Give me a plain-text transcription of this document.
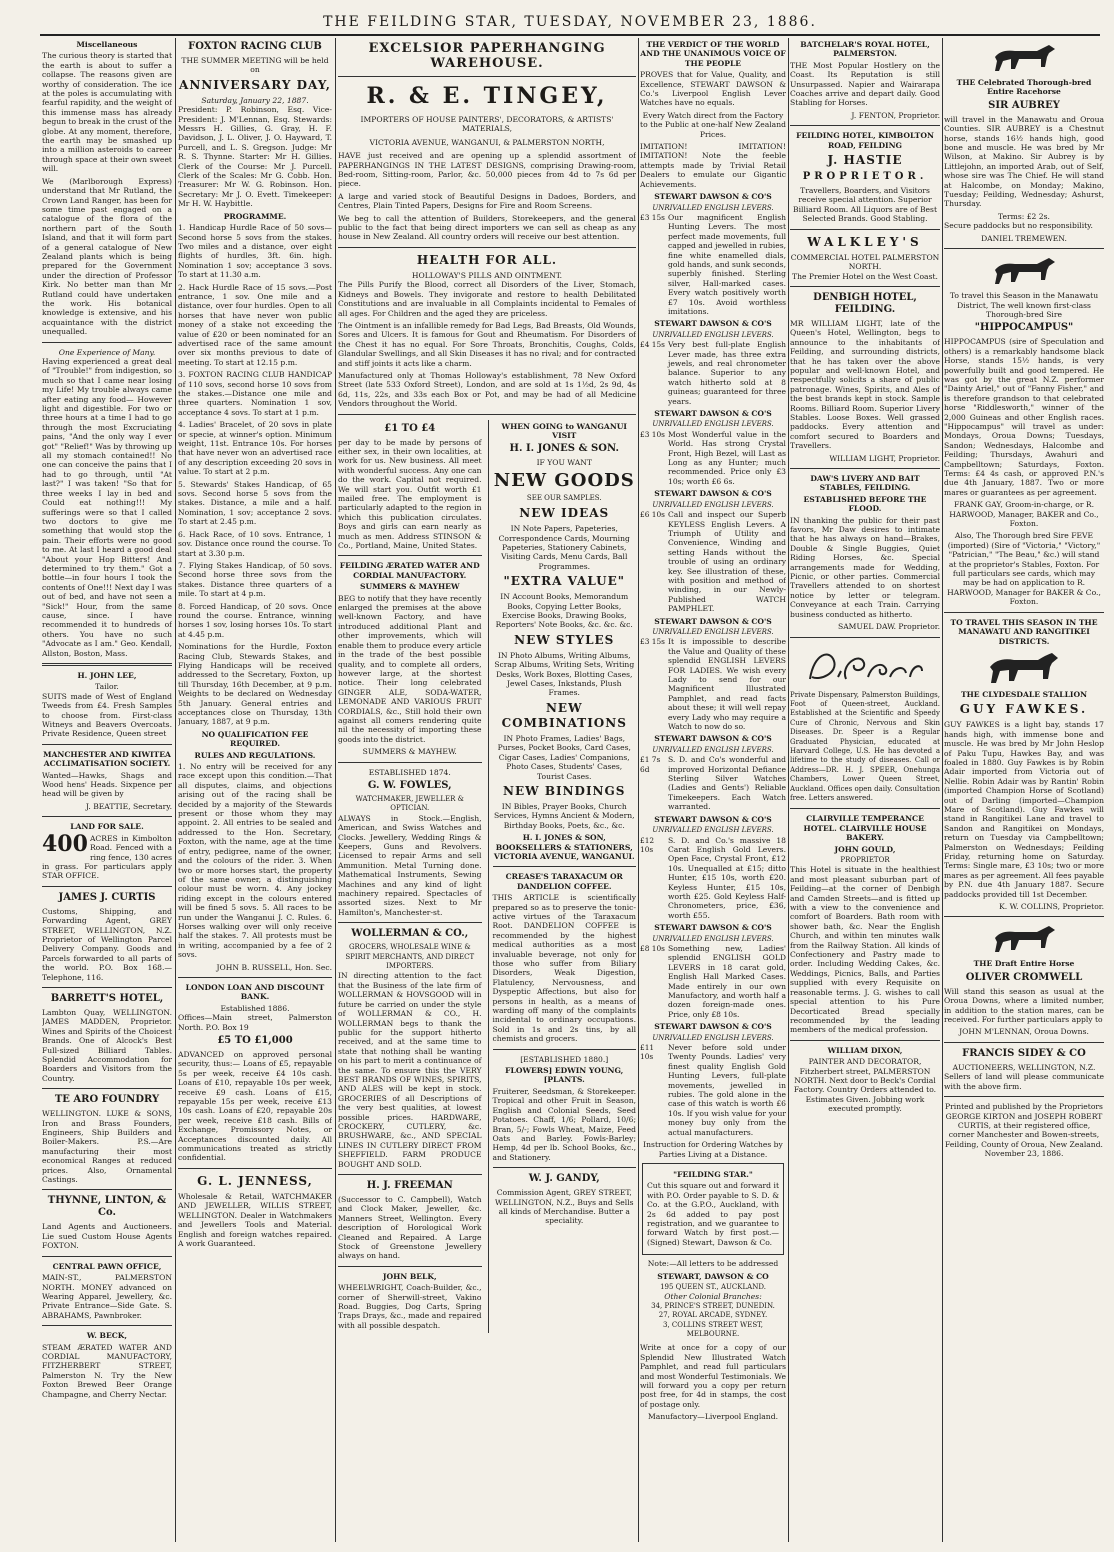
THE FEILDING STAR, TUESDAY, NOVEMBER 23, 1886.
Miscellaneous

The curious theory is started that the earth is about to suffer a collapse. The reasons given are worthy of consideration. The ice at the poles is accumulating with fearful rapidity, and the weight of this immense mass has already begun to break in the crust of the globe. At any moment, therefore, the earth may be smashed up into a million asteroids to career through space at their own sweet will.

We (Marlborough Express) understand that Mr Rutland, the Crown Land Ranger, has been for some time past engaged on a catalogue of the flora of the northern part of the South Island, and that it will form part of a general catalogue of New Zealand plants which is being prepared for the Government under the direction of Professor Kirk. No better man than Mr Rutland could have undertaken the work. His botanical knowledge is extensive, and his acquaintance with the district unequalled.

One Experience of Many.

Having experienced a great deal of "Trouble!" from indigestion, so much so that I came near losing my Life! My trouble always came after eating any food— However light and digestible. For two or three hours at a time I had to go through the most Excruciating pains, "And the only way I ever got" "Relief!" Was by throwing up all my stomach contained!! No one can conceive the pains that I had to go through, until "At last?" I was taken! "So that for three weeks I lay in bed and Could eat nothing!!! My sufferings were so that I called two doctors to give me something that would stop the pain. Their efforts were no good to me. At last I heard a good deal "About your Hop Bitters! And determined to try them." Got a bottle—in four hours I took the contents of One!!! Next day I was out of bed, and have not seen a "Sick!" Hour, from the same cause, since. I have recommended it to hundreds of others. You have no such "Advocate as I am." Geo. Kendall, Allston, Boston, Mass.

H. JOHN LEE,
Tailor.

SUITS made of West of England Tweeds from £4. Fresh Samples to choose from. First-class Witneys and Beavers Overcoats. Private Residence, Queen street

MANCHESTER AND KIWITEA ACCLIMATISATION SOCIETY.

Wanted—Hawks, Shags and Wood hens' Heads. Sixpence per head will be given by

J. BEATTIE, Secretary.
LAND FOR SALE.
400 ACRES in Kimbolton Road. Fenced with a ring fence, 130 acres in grass. For particulars apply STAR OFFICE.

JAMES J. CURTIS

Customs, Shipping, and Forwarding Agent, GREY STREET, WELLINGTON, N.Z. Proprietor of Wellington Parcel Delivery Company. Goods and Parcels forwarded to all parts of the world. P.O. Box 168.—Telephone, 116.

BARRETT'S HOTEL,

Lambton Quay, WELLINGTON. JAMES MADDEN, Proprietor. Wines and Spirits of the Choicest Brands. One of Alcock's Best Full-sized Billiard Tables. Splendid Accommodation for Boarders and Visitors from the Country.

TE ARO FOUNDRY

WELLINGTON. LUKE & SONS, Iron and Brass Founders, Engineers, Ship Builders and Boiler-Makers. P.S.—Are manufacturing their most economical Ranges at reduced prices. Also, Ornamental Castings.

THYNNE, LINTON, & Co.

Land Agents and Auctioneers. Lie sued Custom House Agents FOXTON.

CENTRAL PAWN OFFICE,

MAIN-ST., PALMERSTON NORTH. MONEY advanced on Wearing Apparel, Jewellery, &c. Private Entrance—Side Gate. S. ABRAHAMS, Pawnbroker.

W. BECK,

STEAM ÆRATED WATER AND CORDIAL MANUFACTORY, FITZHERBERT STREET, Palmerston N. Try the New Foxton Brewed Beer Orange Champagne, and Cherry Nectar.

FOXTON RACING CLUB
THE SUMMER MEETING will be held on
ANNIVERSARY DAY,
Saturday, January 22, 1887.

President: P. Robinson, Esq. Vice-President: J. M'Lennan, Esq. Stewards: Messrs H. Gillies, G. Gray, H. F. Davidson, J. L. Oliver, J. O. Hayward, T. Purcell, and L. S. Gregson. Judge: Mr R. S. Thynne. Starter: Mr H. Gillies. Clerk of the Course: Mr J. Purcell. Clerk of the Scales: Mr G. Cobb. Hon. Treasurer: Mr W. G. Robinson. Hon. Secretary: Mr J. O. Evett. Timekeeper: Mr H. W. Haybittle.

PROGRAMME.

1. Handicap Hurdle Race of 50 sovs—Second horse 5 sovs from the stakes. Two miles and a distance, over eight flights of hurdles, 3ft. 6in. high. Nomination 1 sov; acceptance 3 sovs. To start at 11.30 a.m.

2. Hack Hurdle Race of 15 sovs.—Post entrance, 1 sov. One mile and a distance, over four hurdles. Open to all horses that have never won public money of a stake not exceeding the value of £20 or been nominated for an advertised race of the same amount over six months previous to date of meeting. To start at 12.15 p.m.

3. FOXTON RACING CLUB HANDICAP of 110 sovs, second horse 10 sovs from the stakes.—Distance one mile and three quarters. Nomination 1 sov, acceptance 4 sovs. To start at 1 p.m.

4. Ladies' Bracelet, of 20 sovs in plate or specie, at winner's option. Minimum weight, 11st. Entrance 10s. For horses that have never won an advertised race of any description exceeding 20 sovs in value. To start at 2 p.m.

5. Stewards' Stakes Handicap, of 65 sovs. Second horse 5 sovs from the stakes. Distance, a mile and a half. Nomination, 1 sov; acceptance 2 sovs. To start at 2.45 p.m.

6. Hack Race, of 10 sovs. Entrance, 1 sov. Distance once round the course. To start at 3.30 p.m.

7. Flying Stakes Handicap, of 50 sovs. Second horse three sovs from the stakes. Distance three quarters of a mile. To start at 4 p.m.

8. Forced Handicap, of 20 sovs. Once round the course. Entrance, winning horses 1 sov, losing horses 10s. To start at 4.45 p.m.

Nominations for the Hurdle, Foxton Racing Club, Stewards Stakes, and Flying Handicaps will be received addressed to the Secretary, Foxton, up till Thursday, 16th December, at 9 p.m. Weights to be declared on Wednesday 5th January. General entries and acceptances close on Thursday, 13th January, 1887, at 9 p.m.

NO QUALIFICATION FEE REQUIRED.
RULES AND REGULATIONS.

1. No entry will be received for any race except upon this condition.—That all disputes, claims, and objections arising out of the racing shall be decided by a majority of the Stewards present or those whom they may appoint. 2. All entries to be sealed and addressed to the Hon. Secretary, Foxton, with the name, age at the time of entry, pedigree, name of the owner, and the colours of the rider. 3. When two or more horses start, the property of the same owner, a distinguishing colour must be worn. 4. Any jockey riding except in the colours entered will be fined 5 sovs. 5. All races to be run under the Wanganui J. C. Rules. 6. Horses walking over will only receive half the stakes. 7. All protests must be in writing, accompanied by a fee of 2 sovs.

JOHN B. RUSSELL, Hon. Sec.
LONDON LOAN AND DISCOUNT BANK.
Established 1886.

Offices—Main street, Palmerston North. P.O. Box 19

£5 TO £1,000

ADVANCED on approved personal security, thus:— Loans of £5, repayable 5s per week, receive £4 10s cash. Loans of £10, repayable 10s per week, receive £9 cash. Loans of £15, repayable 15s per week, receive £13 10s cash. Loans of £20, repayable 20s per week, receive £18 cash. Bills of Exchange, Promissory Notes, or Acceptances discounted daily. All communications treated as strictly confidential.

G. L. JENNESS,

Wholesale & Retail, WATCHMAKER AND JEWELLER, WILLIS STREET, WELLINGTON. Dealer in Watchmakers and Jewellers Tools and Material. English and foreign watches repaired. A work Guaranteed.

EXCELSIOR PAPERHANGING WAREHOUSE.
R. & E. TINGEY,
IMPORTERS OF HOUSE PAINTERS', DECORATORS, & ARTISTS' MATERIALS,
VICTORIA AVENUE, WANGANUI, & PALMERSTON NORTH,

HAVE just received and are opening up a splendid assortment of PAPERHANGINGS IN THE LATEST DESIGNS, comprising Drawing-room, Bed-room, Sitting-room, Parlor, &c. 50,000 pieces from 4d to 7s 6d per piece.

A large and varied stock of Beautiful Designs in Dadoes, Borders, and Centres, Plain Tinted Papers, Designs for Fire and Room Screens.

We beg to call the attention of Builders, Storekeepers, and the general public to the fact that being direct importers we can sell as cheap as any house in New Zealand. All country orders will receive our best attention.

HEALTH FOR ALL.
HOLLOWAY'S PILLS AND OINTMENT.

The Pills Purify the Blood, correct all Disorders of the Liver, Stomach, Kidneys and Bowels. They invigorate and restore to health Debilitated Constitutions and are invaluable in all Complaints incidental to Females of all ages. For Children and the aged they are priceless.

The Ointment is an infallible remedy for Bad Legs, Bad Breasts, Old Wounds, Sores and Ulcers. It is famous for Gout and Rheumatism. For Disorders of the Chest it has no equal. For Sore Throats, Bronchitis, Coughs, Colds, Glandular Swellings, and all Skin Diseases it has no rival; and for contracted and stiff joints it acts like a charm.

Manufactured only at Thomas Holloway's establishment, 78 New Oxford Street (late 533 Oxford Street), London, and are sold at 1s 1½d, 2s 9d, 4s 6d, 11s, 22s, and 33s each Box or Pot, and may be had of all Medicine Vendors throughout the World.

£1 TO £4

per day to be made by persons of either sex, in their own localities, at work for us. New business. All meet with wonderful success. Any one can do the work. Capital not required. We will start you. Outfit worth £1 mailed free. The employment is particularly adapted to the region in which this publication circulates. Boys and girls can earn nearly as much as men. Address STINSON & Co., Portland, Maine, United States.

FEILDING ÆRATED WATER AND CORDIAL MANUFACTORY.
SUMMERS & MAYHEW

BEG to notify that they have recently enlarged the premises at the above well-known Factory, and have introduced additional Plant and other improvements, which will enable them to produce every article in the trade of the best possible quality, and to complete all orders, however large, at the shortest notice. Their long celebrated GINGER ALE, SODA-WATER, LEMONADE AND VARIOUS FRUIT CORDIALS, &c., Still hold their own against all comers rendering quite nil the necessity of importing these goods into the district.

SUMMERS & MAYHEW.
ESTABLISHED 1874.
G. W. FOWLES,
WATCHMAKER, JEWELLER & OPTICIAN.

ALWAYS in Stock.—English, American, and Swiss Watches and Clocks. Jewellery, Wedding Rings & Keepers, Guns and Revolvers. Licensed to repair Arms and sell Ammunition. Metal Turning done. Mathematical Instruments, Sewing Machines and any kind of light machinery repaired. Spectacles of assorted sizes. Next to Mr Hamilton's, Manchester-st.

WOLLERMAN & CO.,
GROCERS, WHOLESALE WINE & SPIRIT MERCHANTS, AND DIRECT IMPORTERS.

IN directing attention to the fact that the Business of the late firm of WOLLERMAN & HOVSGOOD will in future be carried on under the style of WOLLERMAN & CO., H. WOLLERMAN begs to thank the public for the support hitherto received, and at the same time to state that nothing shall be wanting on his part to merit a continuance of the same. To ensure this the VERY BEST BRANDS OF WINES, SPIRITS, AND ALES will be kept in stock. GROCERIES of all Descriptions of the very best qualities, at lowest possible prices. HARDWARE, CROCKERY, CUTLERY, &c. BRUSHWARE, &c., AND SPECIAL LINES IN CUTLERY DIRECT FROM SHEFFIELD. FARM PRODUCE BOUGHT AND SOLD.

H. J. FREEMAN

(Successor to C. Campbell), Watch and Clock Maker, Jeweller, &c. Manners Street, Wellington. Every description of Horological Work Cleaned and Repaired. A Large Stock of Greenstone Jewellery always on hand.

JOHN BELK,

WHEELWRIGHT, Coach-Builder, &c., corner of Sherwill-street, Vakino Road. Buggies, Dog Carts, Spring Traps Drays, &c., made and repaired with all possible despatch.

WHEN GOING to WANGANUI VISIT
H. I. JONES & SON.
IF YOU WANT
NEW GOODS
SEE OUR SAMPLES.
NEW IDEAS

IN Note Papers, Papeteries, Correspondence Cards, Mourning Papeteries, Stationery Cabinets, Visiting Cards, Menu Cards, Ball Programmes.

"EXTRA VALUE"

IN Account Books, Memorandum Books, Copying Letter Books, Exercise Books, Drawing Books, Reporters' Note Books, &c. &c. &c.

NEW STYLES

IN Photo Albums, Writing Albums, Scrap Albums, Writing Sets, Writing Desks, Work Boxes, Blotting Cases, Jewel Cases, Inkstands, Plush Frames.

NEW COMBINATIONS

IN Photo Frames, Ladies' Bags, Purses, Pocket Books, Card Cases, Cigar Cases, Ladies' Companions, Photo Cases, Students' Cases, Tourist Cases.

NEW BINDINGS

IN Bibles, Prayer Books, Church Services, Hymns Ancient & Modern, Birthday Books, Poets, &c., &c.

H. I. JONES & SON, BOOKSELLERS & STATIONERS, VICTORIA AVENUE, WANGANUI.
CREASE'S TARAXACUM OR DANDELION COFFEE.

THIS ARTICLE is scientifically prepared so as to preserve the tonic-active virtues of the Taraxacum Root. DANDELION COFFEE is recommended by the highest medical authorities as a most invaluable beverage, not only for those who suffer from Biliary Disorders, Weak Digestion, Flatulency, Nervousness, and Dyspeptic Affections, but also for persons in health, as a means of warding off many of the complaints incidental to ordinary occupations. Sold in 1s and 2s tins, by all chemists and grocers.

[ESTABLISHED 1880.]
FLOWERS] EDWIN YOUNG, [PLANTS.

Fruiterer, Seedsman, & Storekeeper. Tropical and other Fruit in Season, English and Colonial Seeds, Seed Potatoes. Chaff, 1/6; Pollard, 10/6; Bran, 5/-; Fowls Wheat, Maize, Feed Oats and Barley. Fowls-Barley; Hemp, 4d per lb. School Books, &c., and Stationery.

W. J. GANDY,

Commission Agent, GREY STREET, WELLINGTON, N.Z., Buys and Sells all kinds of Merchandise. Butter a speciality.

THE VERDICT OF THE WORLD AND THE UNANIMOUS VOICE OF THE PEOPLE

PROVES that for Value, Quality, and Excellence, STEWART DAWSON & Co.'s Liverpool English Lever Watches have no equals.

Every Watch direct from the Factory to the Public at one-half New Zealand Prices.

IMITATION! IMITATION! IMITATION! Note the feeble attempts made by Trivial Retail Dealers to emulate our Gigantic Achievements.

STEWART DAWSON & CO'S
UNRIVALLED ENGLISH LEVERS.
£3 15s Our magnificent English Hunting Levers. The most perfect made movements, full capped and jewelled in rubies, fine white enamelled dials, gold hands, and sunk seconds, superbly finished. Sterling silver, Hall-marked cases. Every watch positively worth £7 10s. Avoid worthless imitations.

STEWART DAWSON & CO'S
UNRIVALLED ENGLISH LEVERS.
£4 15s Very best full-plate English Lever made, has three extra jewels, and real chronometer balance. Superior to any watch hitherto sold at 8 guineas; guaranteed for three years.

STEWART DAWSON & CO'S
UNRIVALLED ENGLISH LEVERS.
£3 10s Most Wonderful value in the World. Has strong Crystal Front, High Bezel, will Last as Long as any Hunter; much recommended. Price only £3 10s; worth £6 6s.

STEWART DAWSON & CO'S
UNRIVALLED ENGLISH LEVERS.
£6 10s Call and inspect our Superb KEYLESS English Levers. A Triumph of Utility and Convenience, Winding and setting Hands without the trouble of using an ordinary key. See illustration of these, with position and method of winding, in our Newly-Published WATCH PAMPHLET.

STEWART DAWSON & CO'S
UNRIVALLED ENGLISH LEVERS.
£3 15s It is impossible to describe the Value and Quality of these splendid ENGLISH LEVERS FOR LADIES. We wish every Lady to send for our Magnificent Illustrated Pamphlet, and read facts about these; it will well repay every Lady who may require a Watch to now do so.

STEWART DAWSON & CO'S
UNRIVALLED ENGLISH LEVERS.
£1 7s 6d

S. D. and Co's wonderful and improved Horizontal Defiance Sterling Silver Watches (Ladies and Gents') Reliable Timekeepers. Each Watch warranted.

STEWART DAWSON & CO'S
UNRIVALLED ENGLISH LEVERS.
£12 10s

S. D. and Co.'s massive 18 Carat English Gold Levers. Open Face, Crystal Front, £12 10s. Unequalled at £15; ditto Hunter, £15 10s, worth £20. Keyless Hunter, £15 10s, worth £25. Gold Keyless Half-Chronometers, price, £36, worth £55.

STEWART DAWSON & CO'S
UNRIVALLED ENGLISH LEVERS.
£8 10s Something new, Ladies' splendid ENGLISH GOLD LEVERS in 18 carat gold, English Hall Marked Cases. Made entirely in our own Manufactory, and worth half a dozen foreign-made ones. Price, only £8 10s.

STEWART DAWSON & CO'S
UNRIVALLED ENGLISH LEVERS.
£11 10s

Never before sold under Twenty Pounds. Ladies' very finest quality English Gold Hunting Levers, full-plate movements, jewelled in rubies. The gold alone in the case of this watch is worth £6 10s. If you wish value for your money buy only from the actual manufacturers.

Instruction for Ordering Watches by Parties Living at a Distance.

"FEILDING STAR."

Cut this square out and forward it with P.O. Order payable to S. D. & Co. at the G.P.O., Auckland, with 2s 6d added to pay post registration, and we guarantee to forward Watch by first post.—(Signed) Stewart, Dawson & Co.

Note:—All letters to be addressed

STEWART, DAWSON & CO
195 QUEEN ST., AUCKLAND.
Other Colonial Branches:
34, PRINCE'S STREET, DUNEDIN.
27, ROYAL ARCADE, SYDNEY.
3, COLLINS STREET WEST, MELBOURNE.

Write at once for a copy of our Splendid New Illustrated Watch Pamphlet, and read full particulars and most Wonderful Testimonials. We will forward you a copy per return post free, for 4d in stamps, the cost of postage only.

Manufactory—Liverpool England.
BATCHELAR'S ROYAL HOTEL, PALMERSTON.

THE Most Popular Hostlery on the Coast. Its Reputation is still Unsurpassed. Napier and Wairarapa Coaches arrive and depart daily. Good Stabling for Horses.

J. FENTON, Proprietor.
FEILDING HOTEL, KIMBOLTON ROAD, FEILDING
J. HASTIE
PROPRIETOR.

Travellers, Boarders, and Visitors receive special attention. Superior Billiard Room. All Liquors are of Best Selected Brands. Good Stabling.

WALKLEY'S
COMMERCIAL HOTEL PALMERSTON NORTH.
The Premier Hotel on the West Coast.
DENBIGH HOTEL, FEILDING.

MR WILLIAM LIGHT, late of the Queen's Hotel, Wellington, begs to announce to the inhabitants of Feilding, and surrounding districts, that he has taken over the above popular and well-known Hotel, and respectfully solicits a share of public patronage. Wines, Spirits, and Ales of the best brands kept in stock. Sample Rooms. Billiard Room. Superior Livery Stables. Loose Boxes. Well grassed paddocks. Every attention and comfort secured to Boarders and Travellers.

WILLIAM LIGHT, Proprietor.
DAW'S LIVERY AND BAIT STABLES, FEILDING.
ESTABLISHED BEFORE THE FLOOD.

IN thanking the public for their past favors, Mr Daw desires to intimate that he has always on hand—Brakes, Double & Single Buggies, Quiet Riding Horses, &c. Special arrangements made for Wedding, Picnic, or other parties. Commercial Travellers attended to on shortest notice by letter or telegram. Conveyance at each Train. Carrying business conducted as hitherto.

SAMUEL DAW. Proprietor.

Private Dispensary, Palmerston Buildings, Foot of Queen-street, Auckland. Established at the Scientific and Speedy Cure of Chronic, Nervous and Skin Diseases. Dr. Speer is a Regular Graduated Physician, educated at Harvard College, U.S. He has devoted a lifetime to the study of diseases. Call or Address—DR. H. J. SPEER, Onehunga Chambers, Lower Queen Street, Auckland. Offices open daily. Consultation free. Letters answered.

CLAIRVILLE TEMPERANCE HOTEL. CLAIRVILLE HOUSE BAKERY.
JOHN GOULD,
PROPRIETOR

This Hotel is situate in the healthiest and most pleasant suburban part of Feilding—at the corner of Denbigh and Camden Streets—and is fitted up with a view to the convenience and comfort of Boarders. Bath room with shower bath, &c. Near the English Church, and within ten minutes walk from the Railway Station. All kinds of Confectionery and Pastry made to order. Including Wedding Cakes, &c. Weddings, Picnics, Balls, and Parties supplied with every Requisite on reasonable terms. J. G. wishes to call special attention to his Pure Decorticated Bread specially recommended by the leading members of the medical profession.

WILLIAM DIXON,

PAINTER AND DECORATOR, Fitzherbert street, PALMERSTON NORTH. Next door to Beck's Cordial Factory. Country Orders attended to. Estimates Given. Jobbing work executed promptly.

THE Celebrated Thorough-bred Entire Racehorse
SIR AUBREY

will travel in the Manawatu and Oroua Counties. SIR AUBREY is a Chestnut horse, stands 16½ hands high, good bone and muscle. He was bred by Mr Wilson, at Makino. Sir Aubrey is by Littlejohn, an imported Arab, out of Self, whose sire was The Chief. He will stand at Halcombe, on Monday; Makino, Tuesday; Feilding, Wednesday; Ashurst, Thursday.

Terms: £2 2s.

Secure paddocks but no responsibility.

DANIEL TREMEWEN.

To travel this Season in the Manawatu District, The well known first-class Thorough-bred Sire

"HIPPOCAMPUS"

HIPPOCAMPUS (sire of Speculation and others) is a remarkably handsome black Horse, stands 15½ hands, is very powerfully built and good tempered. He was got by the great N.Z. performer "Dainty Ariel," out of "Fanny Fisher," and is therefore grandson to that celebrated horse "Riddlesworth," winner of the 2,000 Guineas and other English races. "Hippocampus" will travel as under: Mondays, Oroua Downs; Tuesdays, Sandon; Wednesdays, Halcombe and Feilding; Thursdays, Awahuri and Campbelltown; Saturdays, Foxton. Terms: £4 4s cash, or approved P.N.'s due 4th January, 1887. Two or more mares or guarantees as per agreement.

FRANK GAY, Groom-in-charge, or R. HARWOOD, Manager, BAKER and Co., Foxton.

Also, The Thorough bred Sire FEVE (imported) (Sire of "Victoria," "Victory," "Patrician," "The Beau," &c.) will stand at the proprietor's Stables, Foxton. For full particulars see cards, which may may be had on application to R. HARWOOD, Manager for BAKER & Co., Foxton.

TO TRAVEL THIS SEASON IN THE MANAWATU AND RANGITIKEI DISTRICTS.
THE CLYDESDALE STALLION
GUY FAWKES.

GUY FAWKES is a light bay, stands 17 hands high, with immense bone and muscle. He was bred by Mr John Heslop of Paku Tupu, Hawkes Bay, and was foaled in 1880. Guy Fawkes is by Robin Adair imported from Victoria out of Nellie. Robin Adair was by Rantin' Robin (imported Champion Horse of Scotland) out of Darling (imported—Champion Mare of Scotland). Guy Fawkes will stand in Rangitikei Lane and travel to Sandon and Rangitikei on Mondays, return on Tuesday via Campbelltown; Palmerston on Wednesdays; Feilding Friday, returning home on Saturday. Terms: Single mare, £3 10s; two or more mares as per agreement. All fees payable by P.N. due 4th January 1887. Secure paddocks provided till 1st December.

K. W. COLLINS, Proprietor.
THE Draft Entire Horse
OLIVER CROMWELL

Will stand this season as usual at the Oroua Downs, where a limited number, in addition to the station mares, can be received. For further particulars apply to

JOHN M'LENNAN, Oroua Downs.
FRANCIS SIDEY & CO
AUCTIONEERS, WELLINGTON, N.Z.

Sellers of land will please communicate with the above firm.

Printed and published by the Proprietors GEORGE KIRTON and JOSEPH ROBERT CURTIS, at their registered office, corner Manchester and Bowen-streets, Feilding, County of Oroua, New Zealand. November 23, 1886.
